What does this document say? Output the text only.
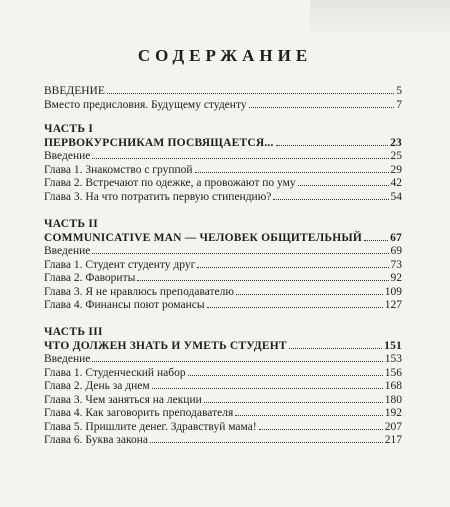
СОДЕРЖАНИЕ
ВВЕДЕНИЕ	5
Вместо предисловия. Будущему студенту	7
ЧАСТЬ I
ПЕРВОКУРСНИКАМ ПОСВЯЩАЕТСЯ...	23
Введение	25
Глава 1. Знакомство с группой	29
Глава 2. Встречают по одежке, а провожают по уму	42
Глава 3. На что потратить первую стипендию?	54
ЧАСТЬ II
COMMUNICATIVE MAN — ЧЕЛОВЕК ОБЩИТЕЛЬНЫЙ 67
Введение	69
Глава 1. Студент студенту друг	73
Глава 2. Фавориты	92
Глава 3. Я не нравлюсь преподавателю	109
Глава 4. Финансы поют романсы	127
ЧАСТЬ III
ЧТО ДОЛЖЕН ЗНАТЬ И УМЕТЬ СТУДЕНТ	151
Введение	153
Глава 1. Студенческий набор	156
Глава 2. День за днем	168
Глава 3. Чем заняться на лекции	180
Глава 4. Как заговорить преподавателя	192
Глава 5. Пришлите денег. Здравствуй мама!	207
Глава 6. Буква закона	217
